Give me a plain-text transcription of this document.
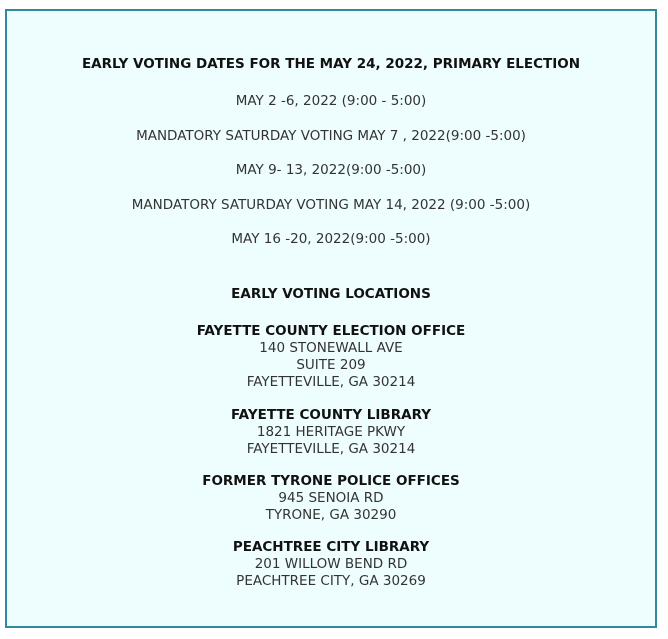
EARLY VOTING DATES FOR THE MAY 24, 2022, PRIMARY ELECTION
MAY 2 -6, 2022 (9:00 - 5:00)
MANDATORY SATURDAY VOTING MAY 7 , 2022(9:00 -5:00)
MAY 9- 13, 2022(9:00 -5:00)
MANDATORY SATURDAY VOTING MAY 14, 2022 (9:00 -5:00)
MAY 16 -20, 2022(9:00 -5:00)
EARLY VOTING LOCATIONS
FAYETTE COUNTY ELECTION OFFICE
140 STONEWALL AVE
SUITE 209
FAYETTEVILLE, GA 30214
FAYETTE COUNTY LIBRARY
1821 HERITAGE PKWY
FAYETTEVILLE, GA 30214
FORMER TYRONE POLICE OFFICES
945 SENOIA RD
TYRONE, GA 30290
PEACHTREE CITY LIBRARY
201 WILLOW BEND RD
PEACHTREE CITY, GA 30269
